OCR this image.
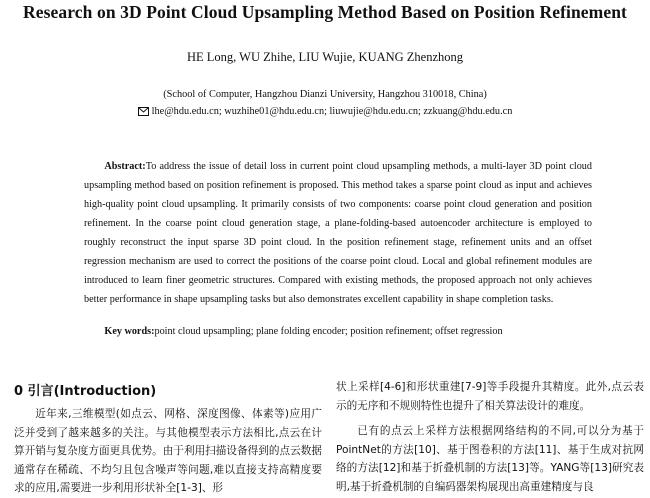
Research on 3D Point Cloud Upsampling Method Based on Position Refinement
HE Long, WU Zhihe, LIU Wujie, KUANG Zhenzhong
(School of Computer, Hangzhou Dianzi University, Hangzhou 310018, China)
lhe@hdu.edu.cn; wuzhihe01@hdu.edu.cn; liuwujie@hdu.edu.cn; zzkuang@hdu.edu.cn
Abstract:To address the issue of detail loss in current point cloud upsampling methods, a multi-layer 3D point cloud upsampling method based on position refinement is proposed. This method takes a sparse point cloud as input and achieves high-quality point cloud upsampling. It primarily consists of two components: coarse point cloud generation and position refinement. In the coarse point cloud generation stage, a plane-folding-based autoencoder architecture is employed to roughly reconstruct the input sparse 3D point cloud. In the position refinement stage, refinement units and an offset regression mechanism are used to correct the positions of the coarse point cloud. Local and global refinement modules are introduced to learn finer geometric structures. Compared with existing methods, the proposed approach not only achieves better performance in shape upsampling tasks but also demonstrates excellent capability in shape completion tasks.
Key words:point cloud upsampling; plane folding encoder; position refinement; offset regression
0 引言(Introduction)

近年来,三维模型(如点云、网格、深度图像、体素等)应用广泛并受到了越来越多的关注。与其他模型表示方法相比,点云在计算开销与复杂度方面更具优势。由于利用扫描设备得到的点云数据通常存在稀疏、不均匀且包含噪声等问题,难以直接支持高精度要求的应用,需要进一步利用形状补全[1-3]、形

状上采样[4-6]和形状重建[7-9]等手段提升其精度。此外,点云表示的无序和不规则特性也提升了相关算法设计的难度。

已有的点云上采样方法根据网络结构的不同,可以分为基于PointNet的方法[10]、基于图卷积的方法[11]、基于生成对抗网络的方法[12]和基于折叠机制的方法[13]等。YANG等[13]研究表明,基于折叠机制的自编码器架构展现出高重建精度与良
